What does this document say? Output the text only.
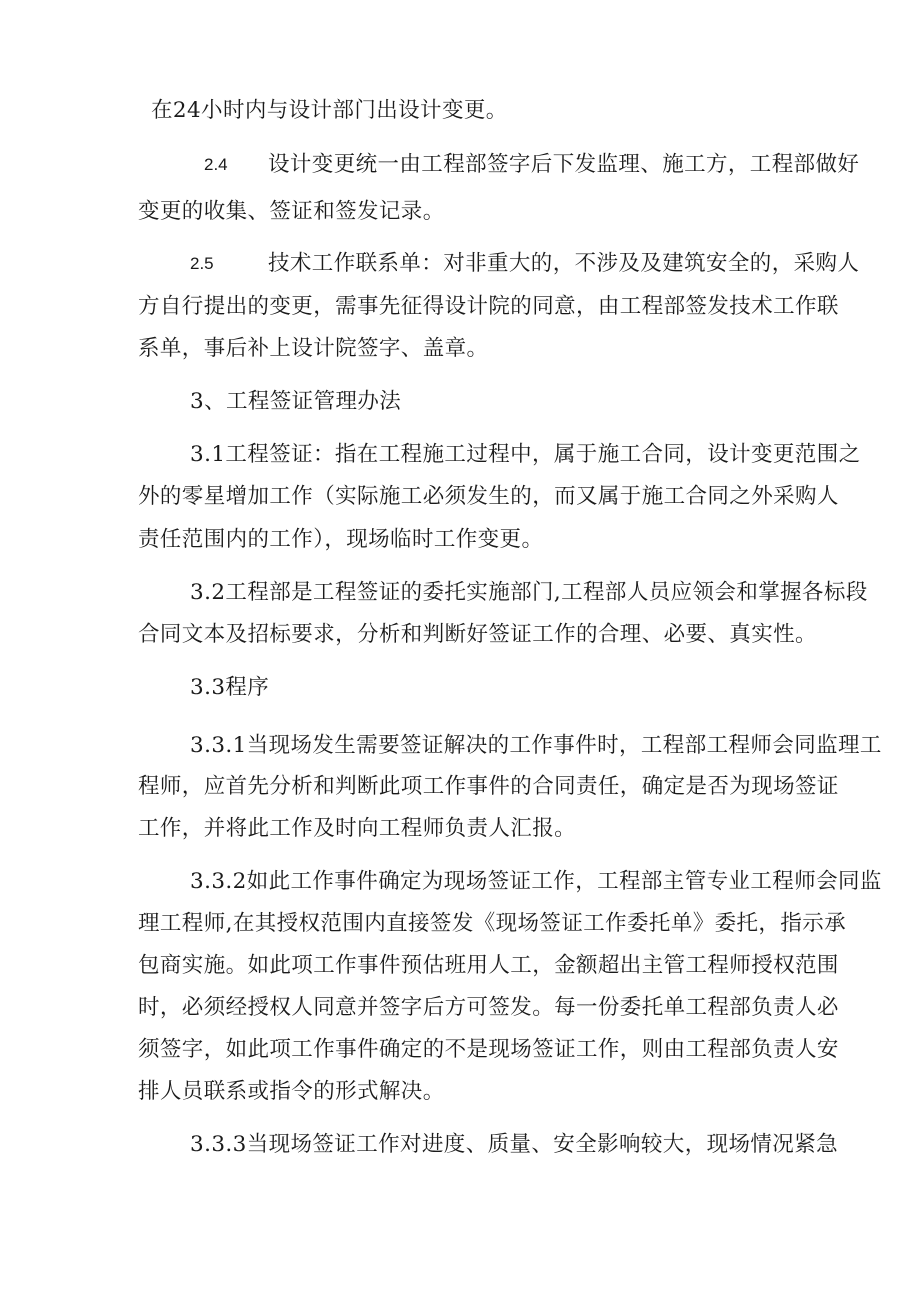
在24小时内与设计部门出设计变更。
2.4 设计变更统一由工程部签字后下发监理、施工方，工程部做好
变更的收集、签证和签发记录。
2.5	技术工作联系单：对非重大的，不涉及及建筑安全的，采购人
方自行提出的变更，需事先征得设计院的同意，由工程部签发技术工作联
系单，事后补上设计院签字、盖章。
3、工程签证管理办法
3.1工程签证：指在工程施工过程中，属于施工合同，设计变更范围之
外的零星增加工作（实际施工必须发生的，而又属于施工合同之外采购人
责任范围内的工作），现场临时工作变更。
3.2工程部是工程签证的委托实施部门,工程部人员应领会和掌握各标段
合同文本及招标要求，分析和判断好签证工作的合理、必要、真实性。
3.3程序
3.3.1当现场发生需要签证解决的工作事件时，工程部工程师会同监理工
程师，应首先分析和判断此项工作事件的合同责任，确定是否为现场签证
工作，并将此工作及时向工程师负责人汇报。
3.3.2如此工作事件确定为现场签证工作，工程部主管专业工程师会同监
理工程师,在其授权范围内直接签发《现场签证工作委托单》委托，指示承
包商实施。如此项工作事件预估班用人工，金额超出主管工程师授权范围
时，必须经授权人同意并签字后方可签发。每一份委托单工程部负责人必
须签字，如此项工作事件确定的不是现场签证工作，则由工程部负责人安
排人员联系或指令的形式解决。
3.3.3当现场签证工作对进度、质量、安全影响较大，现场情况紧急
